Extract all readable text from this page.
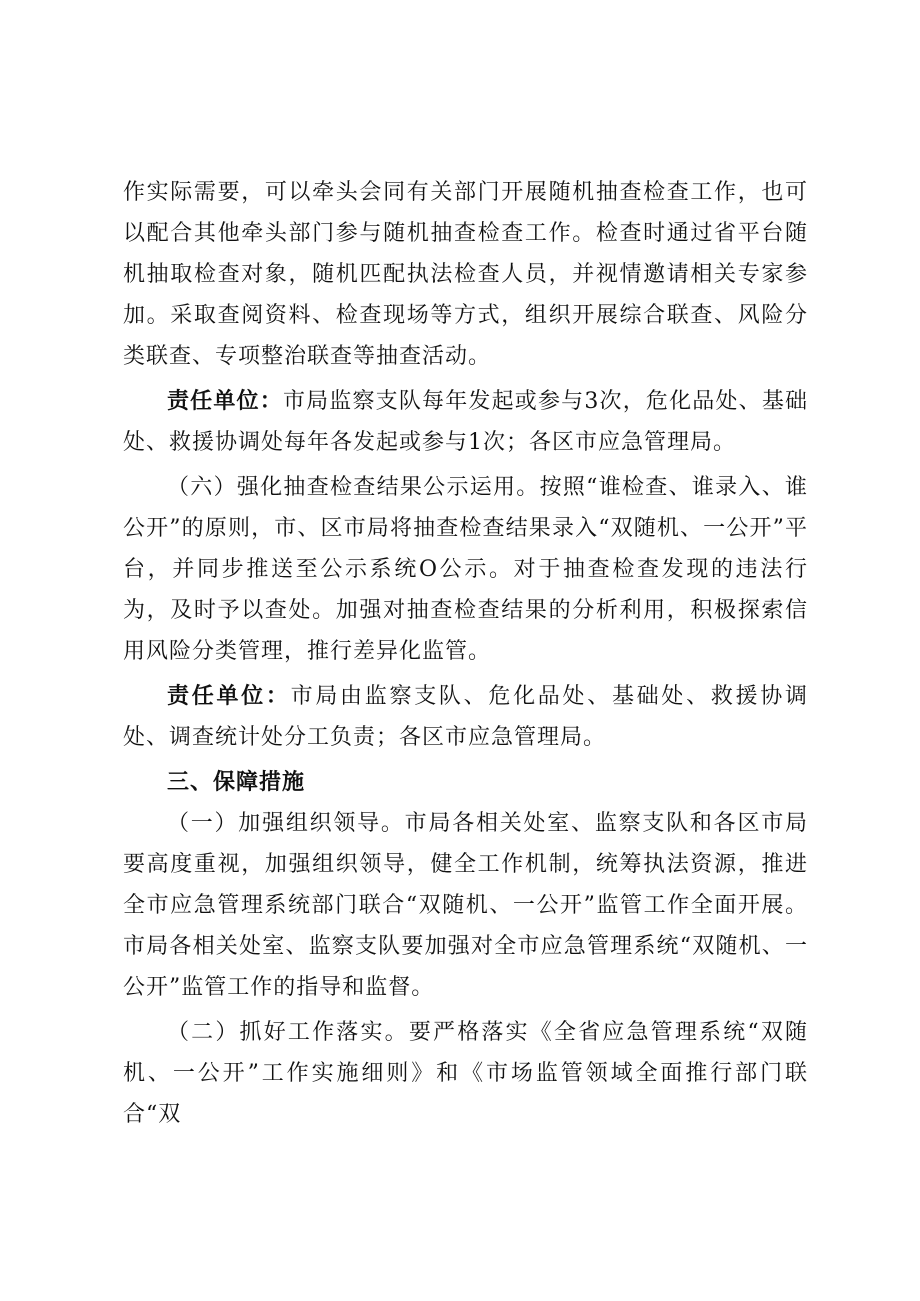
作实际需要，可以牵头会同有关部门开展随机抽查检查工作，也可以配合其他牵头部门参与随机抽查检查工作。检查时通过省平台随机抽取检查对象，随机匹配执法检查人员，并视情邀请相关专家参加。采取查阅资料、检查现场等方式，组织开展综合联查、风险分类联查、专项整治联查等抽查活动。

责任单位：市局监察支队每年发起或参与3次，危化品处、基础处、救援协调处每年各发起或参与1次；各区市应急管理局。

（六）强化抽查检查结果公示运用。按照“谁检查、谁录入、谁公开”的原则，市、区市局将抽查检查结果录入“双随机、一公开”平台，并同步推送至公示系统O公示。对于抽查检查发现的违法行为，及时予以查处。加强对抽查检查结果的分析利用，积极探索信用风险分类管理，推行差异化监管。

责任单位：市局由监察支队、危化品处、基础处、救援协调处、调查统计处分工负责；各区市应急管理局。

三、保障措施

（一）加强组织领导。市局各相关处室、监察支队和各区市局要高度重视，加强组织领导，健全工作机制，统筹执法资源，推进全市应急管理系统部门联合“双随机、一公开”监管工作全面开展。市局各相关处室、监察支队要加强对全市应急管理系统“双随机、一公开”监管工作的指导和监督。

（二）抓好工作落实。要严格落实《全省应急管理系统“双随机、一公开”工作实施细则》和《市场监管领域全面推行部门联合“双
